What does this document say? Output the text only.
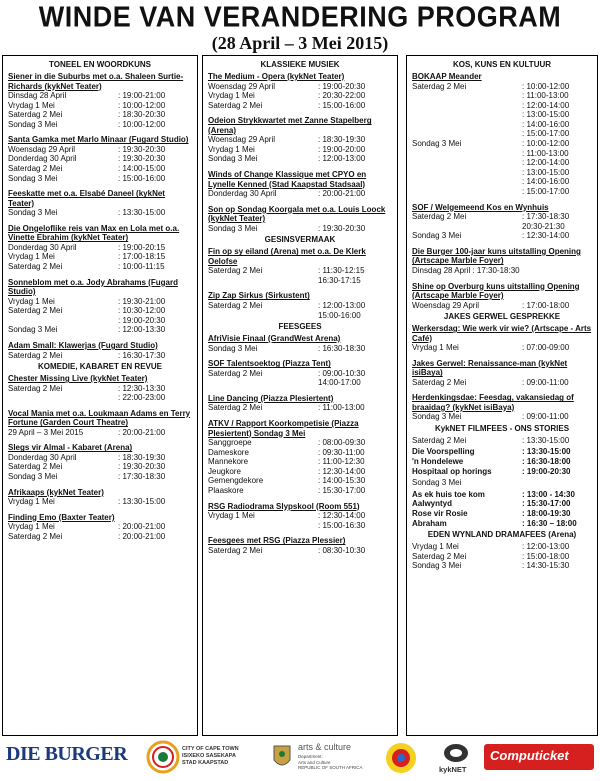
WINDE VAN VERANDERING PROGRAM
(28 April – 3 Mei 2015)
TONEEL EN WOORDKUNS
Siener in die Suburbs met o.a. Shaleen Surtie-Richards (kykNet Teater)
Dinsdag 28 April	: 19:00-21:00
Vrydag 1 Mei	: 10:00-12:00
Saterdag 2 Mei	: 18:30-20:30
Sondag 3 Mei	: 10:00-12:00
Santa Gamka met Marlo Minaar (Fugard Studio)
Woensdag 29 April	: 19:30-20:30
Donderdag 30 April	: 19:30-20:30
Saterdag 2 Mei	: 14:00-15:00
Sondag 3 Mei	: 15:00-16:00
Feeskatte met o.a. Elsabé Daneel (kykNet Teater)
Sondag 3 Mei	: 13:30-15:00
Die Ongeloflike reis van Max en Lola met o.a. Vinette Ebrahim (kykNet Teater)
Donderdag 30 April	: 19:00-20:15
Vrydag 1 Mei	: 17:00-18:15
Saterdag 2 Mei	: 10:00-11:15
Sonneblom met o.a. Jody Abrahams (Fugard Studio)
Vrydag 1 Mei	: 19:30-21:00
Saterdag 2 Mei	: 10:30-12:00
: 19:00-20:30
Sondag 3 Mei	: 12:00-13:30
Adam Small: Klawerjas (Fugard Studio)
Saterdag 2 Mei	: 16:30-17:30
KOMEDIE, KABARET EN REVUE
Chester Missing Live (kykNet Teater)
Saterdag 2 Mei	: 12:30-13:30
: 22:00-23:00
Vocal Mania met o.a. Loukmaan Adams en Terry Fortune (Garden Court Theatre)
29 April – 3 Mei 2015	: 20:00-21:00
Slegs vir Almal - Kabaret (Arena)
Donderdag 30 April	: 18:30-19:30
Saterdag 2 Mei	: 19:30-20:30
Sondag 3 Mei	: 17:30-18:30
Afrikaaps (kykNet Teater)
Vrydag 1 Mei	: 13:30-15:00
Finding Emo (Baxter Teater)
Vrydag 1 Mei	: 20:00-21:00
Saterdag 2 Mei	: 20:00-21:00
KLASSIEKE MUSIEK
The Medium - Opera (kykNet Teater)
Woensdag 29 April	: 19:00-20:30
Vrydag 1 Mei	: 20:30-22:00
Saterdag 2 Mei	: 15:00-16:00
Odeion Strykkwartet met Zanne Stapelberg (Arena)
Woensdag 29 April	: 18:30-19:30
Vrydag 1 Mei	: 19:00-20:00
Sondag 3 Mei	: 12:00-13:00
Winds of Change Klassique met CPYO en Lynelle Kenned (Stad Kaapstad Stadsaal)
Donderdag 30 April	: 20:00-21:00
Son op Sondag Koorgala met o.a. Louis Loock (kykNet Teater)
Sondag 3 Mei	: 19:30-20:30
GESINSVERMAAK
Fin op sy eiland (Arena) met o.a. De Klerk Oelofse
Saterdag 2 Mei	: 11:30-12:15
16:30-17:15
Zip Zap Sirkus (Sirkustent)
Saterdag 2 Mei	: 12:00-13:00
15:00-16:00
FEESGEES
AfriVisie Finaal (GrandWest Arena)
Sondag 3 Mei	: 16:30-18:30
SOF Talentsoektog (Piazza Tent)
Saterdag 2 Mei	: 09:00-10:30
14:00-17:00
Line Dancing (Piazza Plesiertent)
Saterdag 2 Mei	: 11:00-13:00
ATKV / Rapport Koorkompetisie (Piazza Plesiertent) Sondag 3 Mei
Sanggroepe	: 08:00-09:30
Dameskore	: 09:30-11:00
Mannekore	: 11:00-12:30
Jeugkore	: 12:30-14:00
Gemengdekore	: 14:00-15:30
Plaaskore	: 15:30-17:00
RSG Radiodrama Slypskool (Room 551)
Vrydag 1 Mei	: 12:30-14:00
: 15:00-16:30
Feesgees met RSG (Piazza Plessier)
Saterdag 2 Mei	: 08:30-10:30
KOS, KUNS EN KULTUUR
BOKAAP Meander
Saterdag 2 Mei	: 10:00-12:00
: 11:00-13:00
: 12:00-14:00
: 13:00-15:00
: 14:00-16:00
: 15:00-17:00
Sondag 3 Mei	: 10:00-12:00
: 11:00-13:00
: 12:00-14:00
: 13:00-15:00
: 14:00-16:00
: 15:00-17:00
SOF / Welgemeend Kos en Wynhuis
Saterdag 2 Mei	: 17:30-18:30
20:30-21:30
Sondag 3 Mei	: 12:30-14:00
Die Burger 100-jaar kuns uitstalling Opening (Artscape Marble Foyer)
Dinsdag 28 April : 17:30-18:30
Shine op Overburg kuns uitstalling Opening (Artscape Marble Foyer)
Woensdag 29 April	: 17:00-18:00
JAKES GERWEL GESPREKKE
Werkersdag: Wie werk vir wie? (Artscape - Arts Café)
Vrydag 1 Mei	: 07:00-09:00
Jakes Gerwel: Renaissance-man (kykNet isiBaya)
Saterdag 2 Mei	: 09:00-11:00
Herdenkingsdae: Feesdag, vakansiedag of braaidag? (kykNet isiBaya)
Sondag 3 Mei	: 09:00-11:00
KykNET FILMFEES - ONS STORIES
Saterdag 2 Mei	: 13:30-15:00
Die Voorspelling	: 13:30-15:00
'n Hondelewe	: 16:30-18:00
Hospitaal op horings	: 19:00-20:30
Sondag 3 Mei
As ek huis toe kom	: 13:00 - 14:30
Aalwyntyd	: 15:30-17:00
Rose vir Rosie	: 18:00-19:30
Abraham	: 16:30 – 18:00
EDEN WYNLAND DRAMAFEES (Arena)
Vrydag 1 Mei	: 12:00-13:00
Saterdag 2 Mei	: 15:00-18:00
Sondag 3 Mei	: 14:30-15:30
DIE BURGER	CITY OF CAPE TOWN
ISIXEKO SASEKAPA
STAD KAAPSTAD
arts & culture
Department:
Arts and Culture
REPUBLIC OF SOUTH AFRICA	kykNET
Computicket
